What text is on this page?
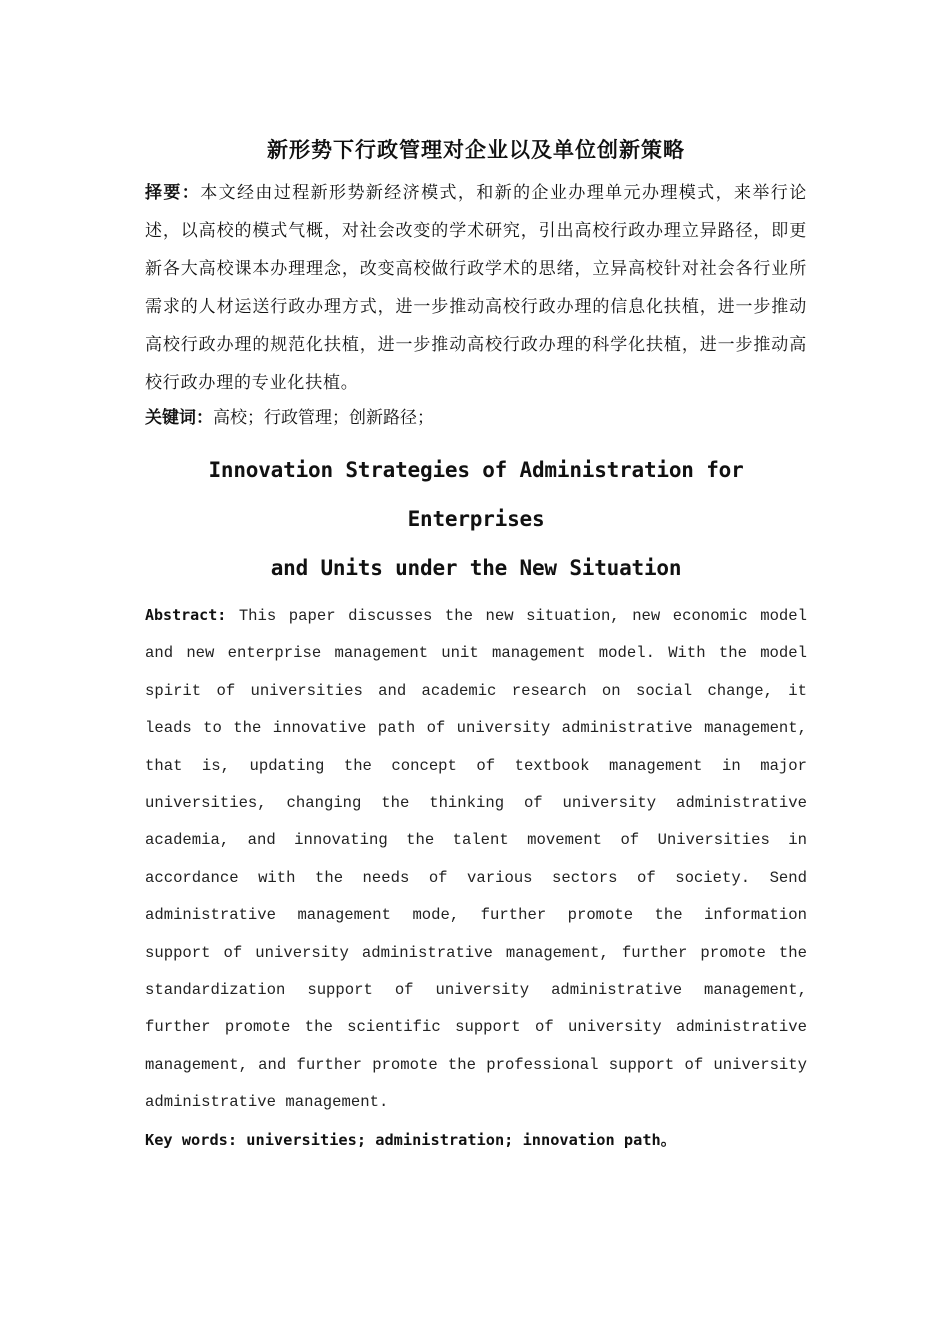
新形势下行政管理对企业以及单位创新策略

择要：本文经由过程新形势新经济模式，和新的企业办理单元办理模式，来举行论述，以高校的模式气概，对社会改变的学术研究，引出高校行政办理立异路径，即更新各大高校课本办理理念，改变高校做行政学术的思绪，立异高校针对社会各行业所需求的人材运送行政办理方式，进一步推动高校行政办理的信息化扶植，进一步推动高校行政办理的规范化扶植，进一步推动高校行政办理的科学化扶植，进一步推动高校行政办理的专业化扶植。

关键词：高校；行政管理；创新路径；

Innovation Strategies of Administration for Enterprises
and Units under the New Situation

Abstract: This paper discusses the new situation, new economic model and new enterprise management unit management model. With the model spirit of universities and academic research on social change, it leads to the innovative path of university administrative management, that is, updating the concept of textbook management in major universities, changing the thinking of university administrative academia, and innovating the talent movement of Universities in accordance with the needs of various sectors of society. Send administrative management mode, further promote the information support of university administrative management, further promote the standardization support of university administrative management, further promote the scientific support of university administrative management, and further promote the professional support of university administrative management.

Key words: universities; administration; innovation path。
